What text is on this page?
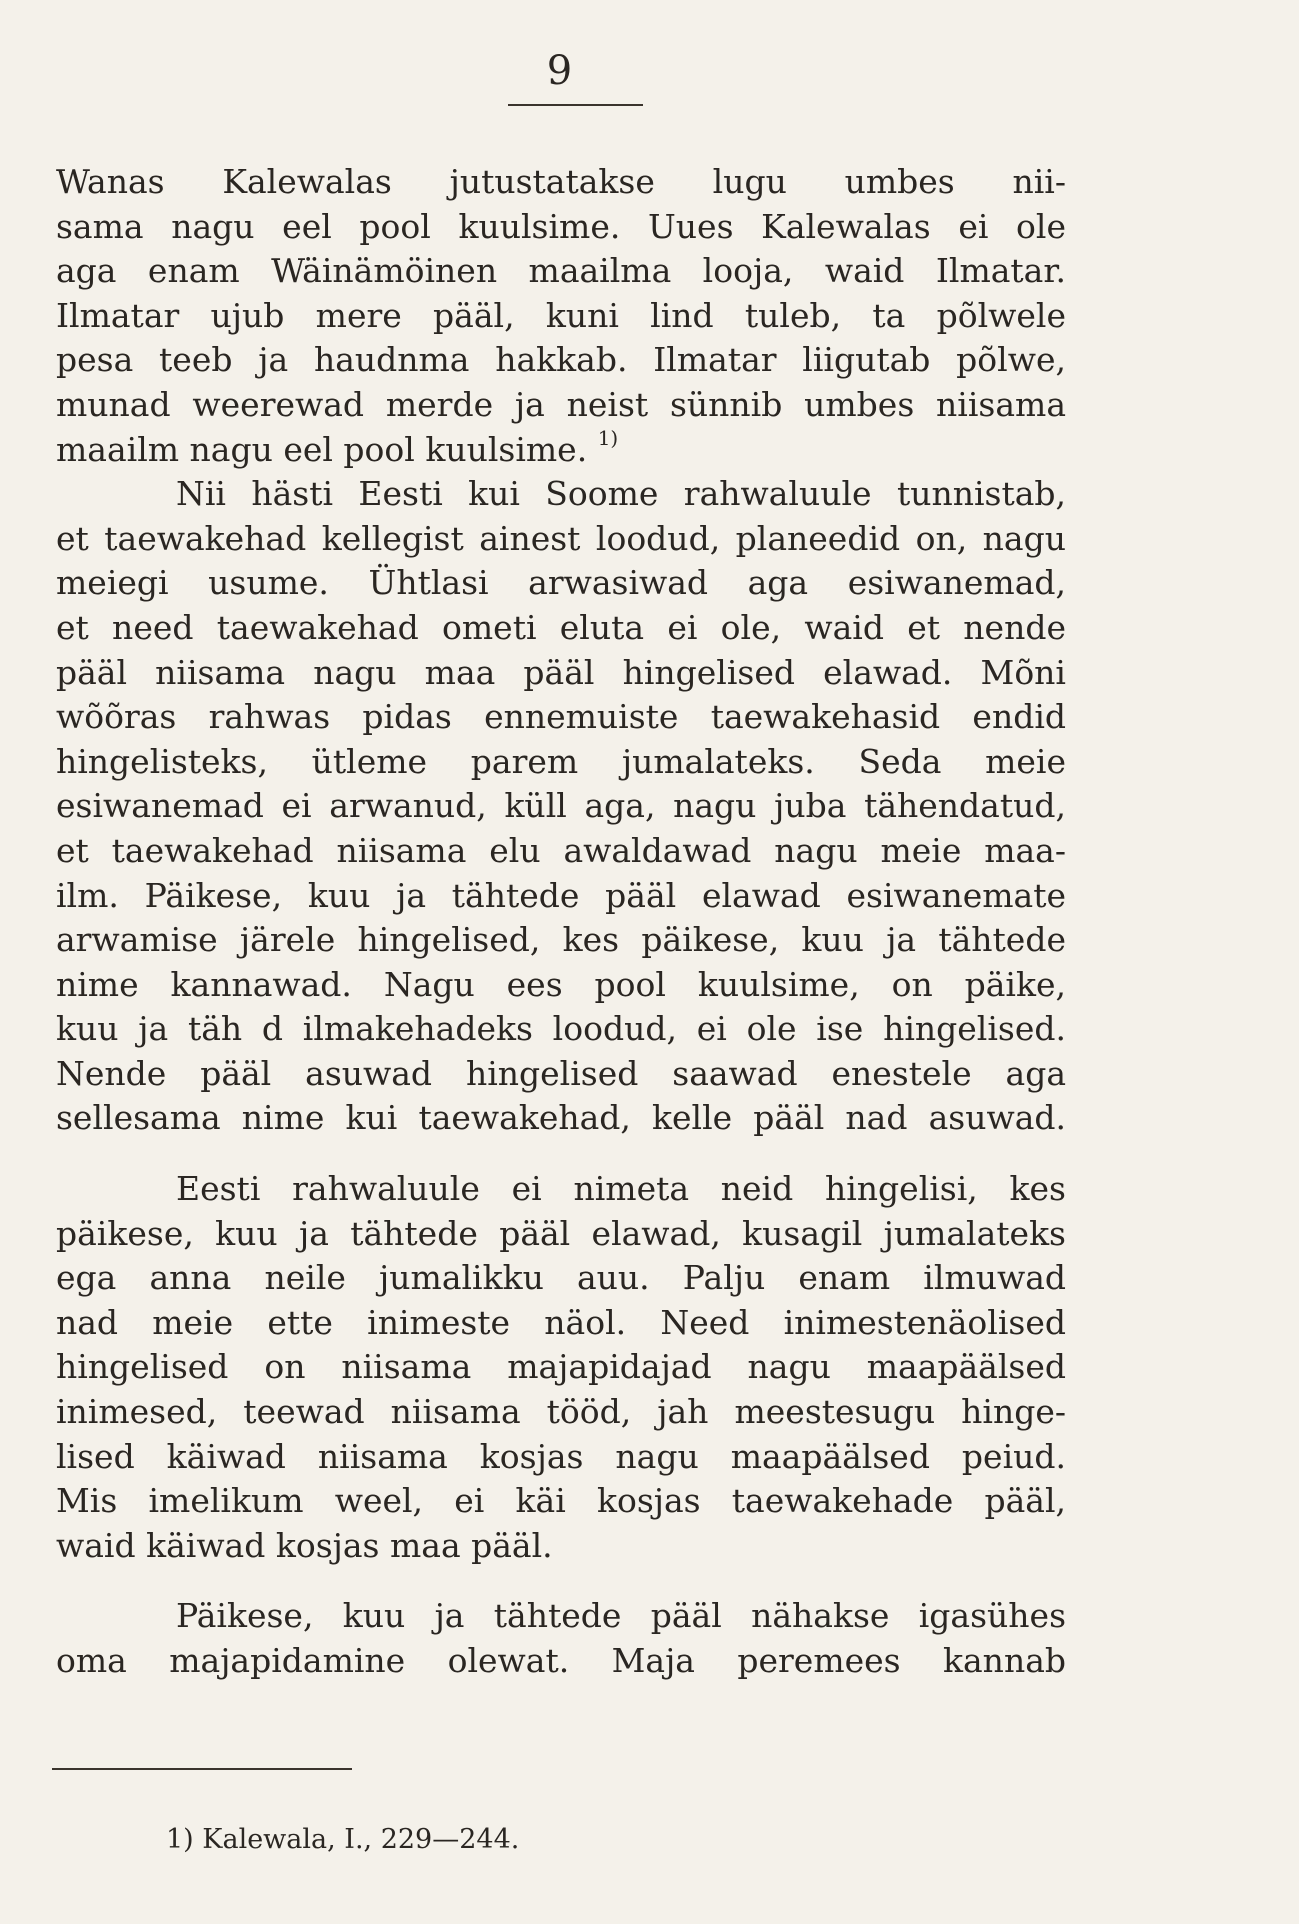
9
Wanas Kalewalas jutustatakse lugu umbes nii-
sama nagu eel pool kuulsime. Uues Kalewalas ei ole
aga enam Wäinämöinen maailma looja, waid Ilmatar.
Ilmatar ujub mere pääl, kuni lind tuleb, ta põlwele
pesa teeb ja haudnma hakkab. Ilmatar liigutab põlwe,
munad weerewad merde ja neist sünnib umbes niisama
maailm nagu eel pool kuulsime. $^{1)}$
Nii hästi Eesti kui Soome rahwaluule tunnistab,
et taewakehad kellegist ainest loodud, planeedid on, nagu
meiegi usume. Ühtlasi arwasiwad aga esiwanemad,
et need taewakehad ometi eluta ei ole, waid et nende
pääl niisama nagu maa pääl hingelised elawad. Mõni
wõõras rahwas pidas ennemuiste taewakehasid endid
hingelisteks, ütleme parem jumalateks. Seda meie
esiwanemad ei arwanud, küll aga, nagu juba tähendatud,
et taewakehad niisama elu awaldawad nagu meie maa-
ilm. Päikese, kuu ja tähtede pääl elawad esiwanemate
arwamise järele hingelised, kes päikese, kuu ja tähtede
nime kannawad. Nagu ees pool kuulsime, on päike,
kuu ja täh d ilmakehadeks loodud, ei ole ise hingelised.
Nende pääl asuwad hingelised saawad enestele aga
sellesama nime kui taewakehad, kelle pääl nad asuwad.
Eesti rahwaluule ei nimeta neid hingelisi, kes
päikese, kuu ja tähtede pääl elawad, kusagil jumalateks
ega anna neile jumalikku auu. Palju enam ilmuwad
nad meie ette inimeste näol. Need inimestenäolised
hingelised on niisama majapidajad nagu maapäälsed
inimesed, teewad niisama tööd, jah meestesugu hinge-
lised käiwad niisama kosjas nagu maapäälsed peiud.
Mis imelikum weel, ei käi kosjas taewakehade pääl,
waid käiwad kosjas maa pääl.
Päikese, kuu ja tähtede pääl nähakse igasühes
oma majapidamine olewat. Maja peremees kannab
1) Kalewala, I., 229—244.
